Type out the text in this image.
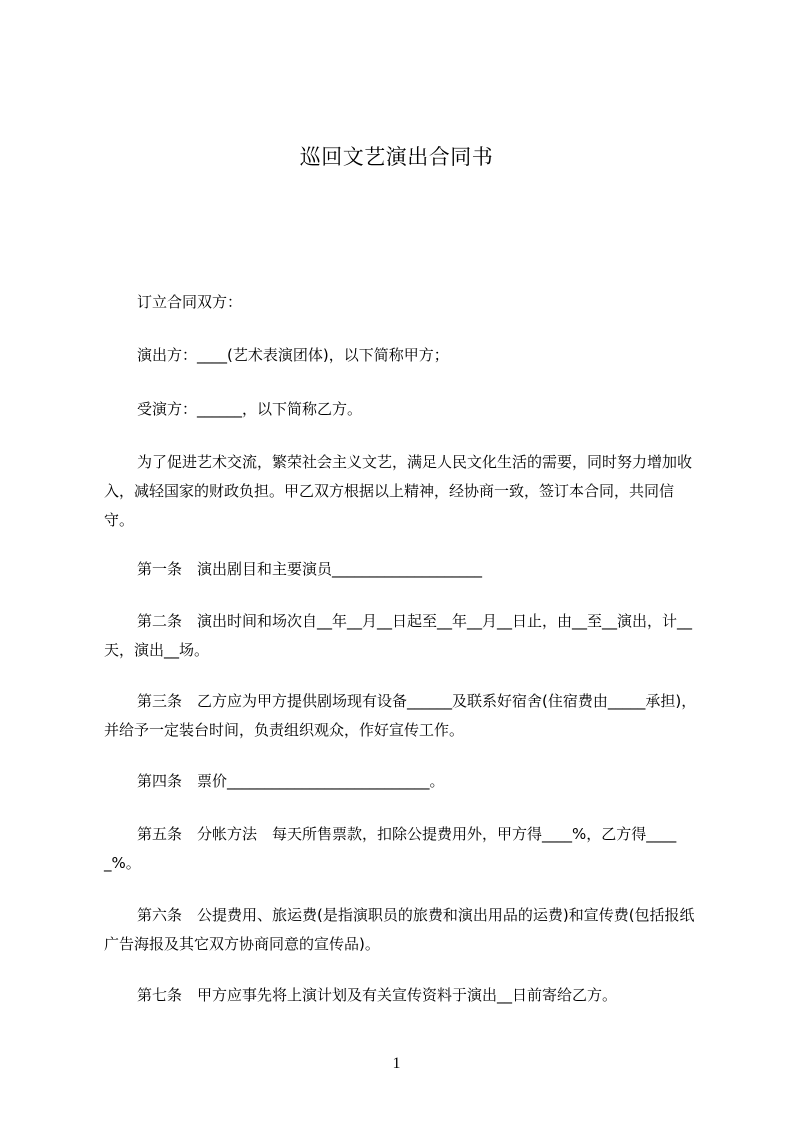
巡回文艺演出合同书
订立合同双方：
演出方：____(艺术表演团体)，以下简称甲方；
受演方：______，以下简称乙方。
为了促进艺术交流，繁荣社会主义文艺，满足人民文化生活的需要，同时努力增加收入，减轻国家的财政负担。甲乙双方根据以上精神，经协商一致，签订本合同，共同信守。
第一条　演出剧目和主要演员____________________
第二条　演出时间和场次自__年__月__日起至__年__月__日止，由__至__演出，计__天，演出__场。
第三条　乙方应为甲方提供剧场现有设备______及联系好宿舍(住宿费由_____承担)，并给予一定装台时间，负责组织观众，作好宣传工作。
第四条　票价___________________________。
第五条　分帐方法　每天所售票款，扣除公提费用外，甲方得____%，乙方得_____%。
第六条　公提费用、旅运费(是指演职员的旅费和演出用品的运费)和宣传费(包括报纸广告海报及其它双方协商同意的宣传品)。
第七条　甲方应事先将上演计划及有关宣传资料于演出__日前寄给乙方。
1
